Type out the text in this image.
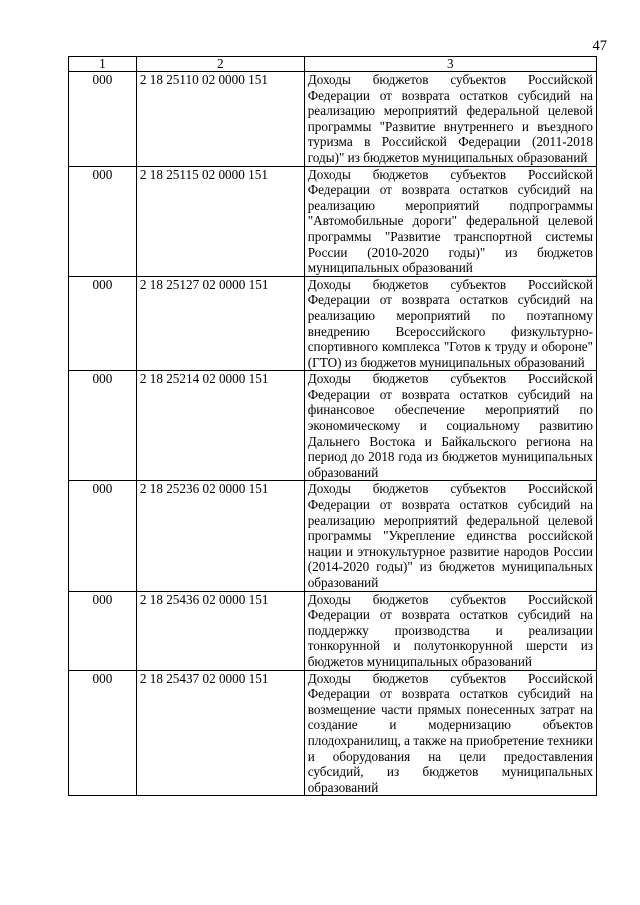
47
1	2	3
000	2 18 25110 02 0000 151	Доходы бюджетов субъектов Российской Федерации от возврата остатков субсидий на реализацию мероприятий федеральной целевой программы "Развитие внутреннего и въездного туризма в Российской Федерации (2011-2018 годы)" из бюджетов муниципальных образований
000	2 18 25115 02 0000 151	Доходы бюджетов субъектов Российской Федерации от возврата остатков субсидий на реализацию мероприятий подпрограммы "Автомобильные дороги" федеральной целевой программы "Развитие транспортной системы России (2010-2020 годы)" из бюджетов муниципальных образований
000	2 18 25127 02 0000 151	Доходы бюджетов субъектов Российской Федерации от возврата остатков субсидий на реализацию мероприятий по поэтапному внедрению Всероссийского физкультурно-спортивного комплекса "Готов к труду и обороне" (ГТО) из бюджетов муниципальных образований
000	2 18 25214 02 0000 151	Доходы бюджетов субъектов Российской Федерации от возврата остатков субсидий на финансовое обеспечение мероприятий по экономическому и социальному развитию Дальнего Востока и Байкальского региона на период до 2018 года из бюджетов муниципальных образований
000	2 18 25236 02 0000 151	Доходы бюджетов субъектов Российской Федерации от возврата остатков субсидий на реализацию мероприятий федеральной целевой программы "Укрепление единства российской нации и этнокультурное развитие народов России (2014-2020 годы)" из бюджетов муниципальных образований
000	2 18 25436 02 0000 151	Доходы бюджетов субъектов Российской Федерации от возврата остатков субсидий на поддержку производства и реализации тонкорунной и полутонкорунной шерсти из бюджетов муниципальных образований
000	2 18 25437 02 0000 151	Доходы бюджетов субъектов Российской Федерации от возврата остатков субсидий на возмещение части прямых понесенных затрат на создание и модернизацию объектов плодохранилищ, а также на приобретение техники и оборудования на цели предоставления субсидий, из бюджетов муниципальных образований
